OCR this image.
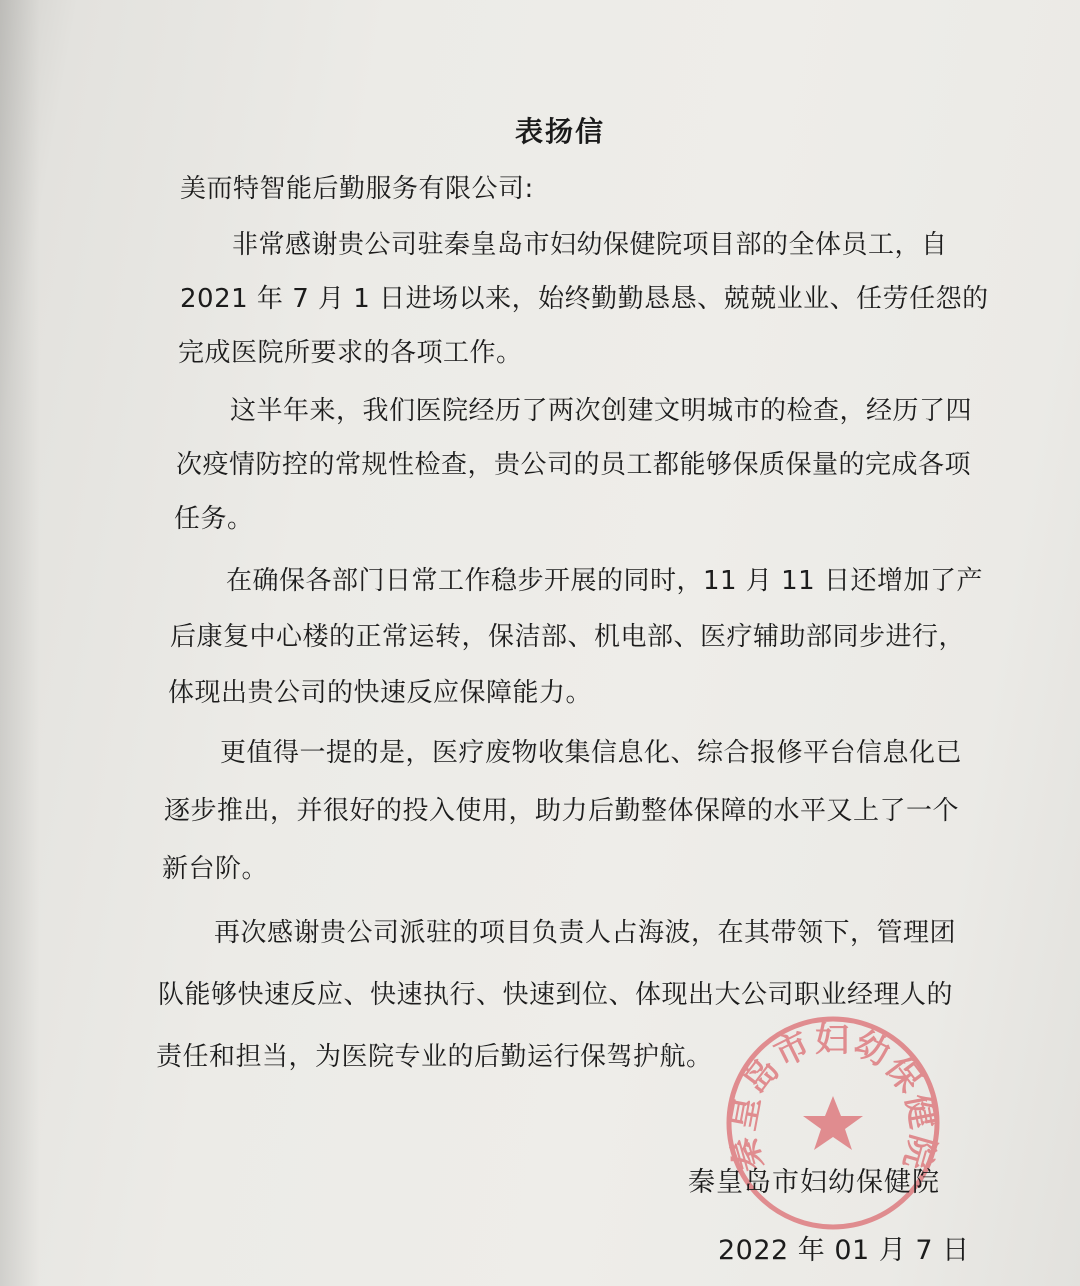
表扬信
美而特智能后勤服务有限公司:
非常感谢贵公司驻秦皇岛市妇幼保健院项目部的全体员工，自
2021 年 7 月 1 日进场以来，始终勤勤恳恳、兢兢业业、任劳任怨的
完成医院所要求的各项工作。
这半年来，我们医院经历了两次创建文明城市的检查，经历了四
次疫情防控的常规性检查，贵公司的员工都能够保质保量的完成各项
任务。
在确保各部门日常工作稳步开展的同时，11 月 11 日还增加了产
后康复中心楼的正常运转，保洁部、机电部、医疗辅助部同步进行，
体现出贵公司的快速反应保障能力。
更值得一提的是，医疗废物收集信息化、综合报修平台信息化已
逐步推出，并很好的投入使用，助力后勤整体保障的水平又上了一个
新台阶。
再次感谢贵公司派驻的项目负责人占海波，在其带领下，管理团
队能够快速反应、快速执行、快速到位、体现出大公司职业经理人的
责任和担当，为医院专业的后勤运行保驾护航。
秦皇岛市妇幼保健院
秦皇岛市妇幼保健院
2022 年 01 月 7 日
